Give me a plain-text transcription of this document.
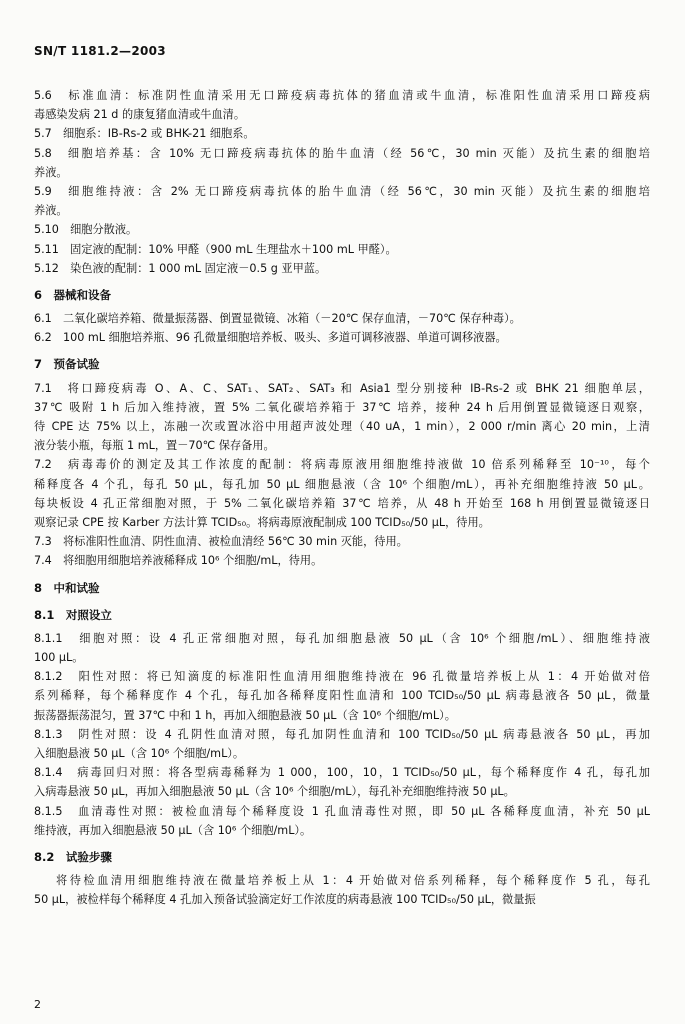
SN/T 1181.2—2003
5.6　标准血清：标准阴性血清采用无口蹄疫病毒抗体的猪血清或牛血清，标准阳性血清采用口蹄疫病
毒感染发病 21 d 的康复猪血清或牛血清。
5.7　细胞系：IB-Rs-2 或 BHK-21 细胞系。
5.8　细胞培养基：含 10% 无口蹄疫病毒抗体的胎牛血清（经 56℃，30 min 灭能）及抗生素的细胞培
养液。
5.9　细胞维持液：含 2% 无口蹄疫病毒抗体的胎牛血清（经 56℃，30 min 灭能）及抗生素的细胞培
养液。
5.10　细胞分散液。
5.11　固定液的配制：10% 甲醛（900 mL 生理盐水＋100 mL 甲醛）。
5.12　染色液的配制：1 000 mL 固定液－0.5 g 亚甲蓝。
6　器械和设备
6.1　二氧化碳培养箱、微量振荡器、倒置显微镜、冰箱（－20℃ 保存血清，－70℃ 保存种毒）。
6.2　100 mL 细胞培养瓶、96 孔微量细胞培养板、吸头、多道可调移液器、单道可调移液器。
7　预备试验
7.1　将口蹄疫病毒 O、A、C、SAT₁、SAT₂、SAT₃ 和 Asia1 型分别接种 IB-Rs-2 或 BHK 21 细胞单层，
37℃ 吸附 1 h 后加入维持液，置 5% 二氧化碳培养箱于 37℃ 培养，接种 24 h 后用倒置显微镜逐日观察，
待 CPE 达 75% 以上，冻融一次或置冰浴中用超声波处理（40 uA，1 min），2 000 r/min 离心 20 min，上清
液分装小瓶，每瓶 1 mL，置－70℃ 保存备用。
7.2　病毒毒价的测定及其工作浓度的配制：将病毒原液用细胞维持液做 10 倍系列稀释至 10⁻¹⁰，每个
稀释度各 4 个孔，每孔 50 μL，每孔加 50 μL 细胞悬液（含 10⁶ 个细胞/mL），再补充细胞维持液 50 μL。
每块板设 4 孔正常细胞对照，于 5% 二氧化碳培养箱 37℃ 培养，从 48 h 开始至 168 h 用倒置显微镜逐日
观察记录 CPE 按 Karber 方法计算 TCID₅₀。将病毒原液配制成 100 TCID₅₀/50 μL，待用。
7.3　将标准阳性血清、阴性血清、被检血清经 56℃ 30 min 灭能，待用。
7.4　将细胞用细胞培养液稀释成 10⁶ 个细胞/mL，待用。
8　中和试验
8.1　对照设立
8.1.1　细胞对照：设 4 孔正常细胞对照，每孔加细胞悬液 50 μL（含 10⁶ 个细胞/mL）、细胞维持液
100 μL。
8.1.2　阳性对照：将已知滴度的标准阳性血清用细胞维持液在 96 孔微量培养板上从 1：4 开始做对倍
系列稀释，每个稀释度作 4 个孔，每孔加各稀释度阳性血清和 100 TCID₅₀/50 μL 病毒悬液各 50 μL，微量
振荡器振荡混匀，置 37℃ 中和 1 h，再加入细胞悬液 50 μL（含 10⁶ 个细胞/mL）。
8.1.3　阴性对照：设 4 孔阴性血清对照，每孔加阴性血清和 100 TCID₅₀/50 μL 病毒悬液各 50 μL，再加
入细胞悬液 50 μL（含 10⁶ 个细胞/mL）。
8.1.4　病毒回归对照：将各型病毒稀释为 1 000，100，10，1 TCID₅₀/50 μL，每个稀释度作 4 孔，每孔加
入病毒悬液 50 μL，再加入细胞悬液 50 μL（含 10⁶ 个细胞/mL），每孔补充细胞维持液 50 μL。
8.1.5　血清毒性对照：被检血清每个稀释度设 1 孔血清毒性对照，即 50 μL 各稀释度血清，补充 50 μL
维持液，再加入细胞悬液 50 μL（含 10⁶ 个细胞/mL）。
8.2　试验步骤
将待检血清用细胞维持液在微量培养板上从 1：4 开始做对倍系列稀释，每个稀释度作 5 孔，每孔
50 μL，被检样每个稀释度 4 孔加入预备试验滴定好工作浓度的病毒悬液 100 TCID₅₀/50 μL，微量振
2
